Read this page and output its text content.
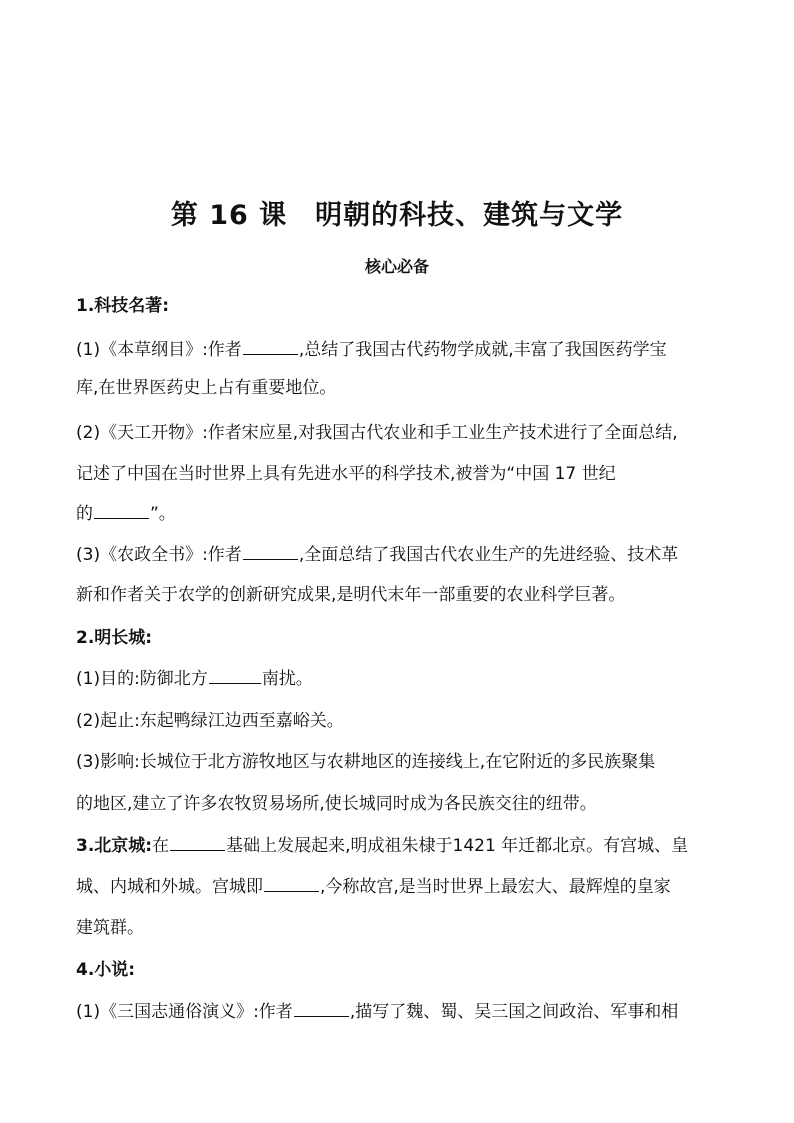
第 16 课　明朝的科技、建筑与文学
核心必备
1.科技名著:
(1)《本草纲目》:作者	,总结了我国古代药物学成就,丰富了我国医药学宝
库,在世界医药史上占有重要地位。
(2)《天工开物》:作者宋应星,对我国古代农业和手工业生产技术进行了全面总结,
记述了中国在当时世界上具有先进水平的科学技术,被誉为“中国 17 世纪
的	”。
(3)《农政全书》:作者	,全面总结了我国古代农业生产的先进经验、技术革
新和作者关于农学的创新研究成果,是明代末年一部重要的农业科学巨著。
2.明长城:
(1)目的:防御北方	南扰。
(2)起止:东起鸭绿江边西至嘉峪关。
(3)影响:长城位于北方游牧地区与农耕地区的连接线上,在它附近的多民族聚集
的地区,建立了许多农牧贸易场所,使长城同时成为各民族交往的纽带。
3.北京城:在	基础上发展起来,明成祖朱棣于1421 年迁都北京。有宫城、皇
城、内城和外城。宫城即	,今称故宫,是当时世界上最宏大、最辉煌的皇家
建筑群。
4.小说:
(1)《三国志通俗演义》:作者	,描写了魏、蜀、吴三国之间政治、军事和相
